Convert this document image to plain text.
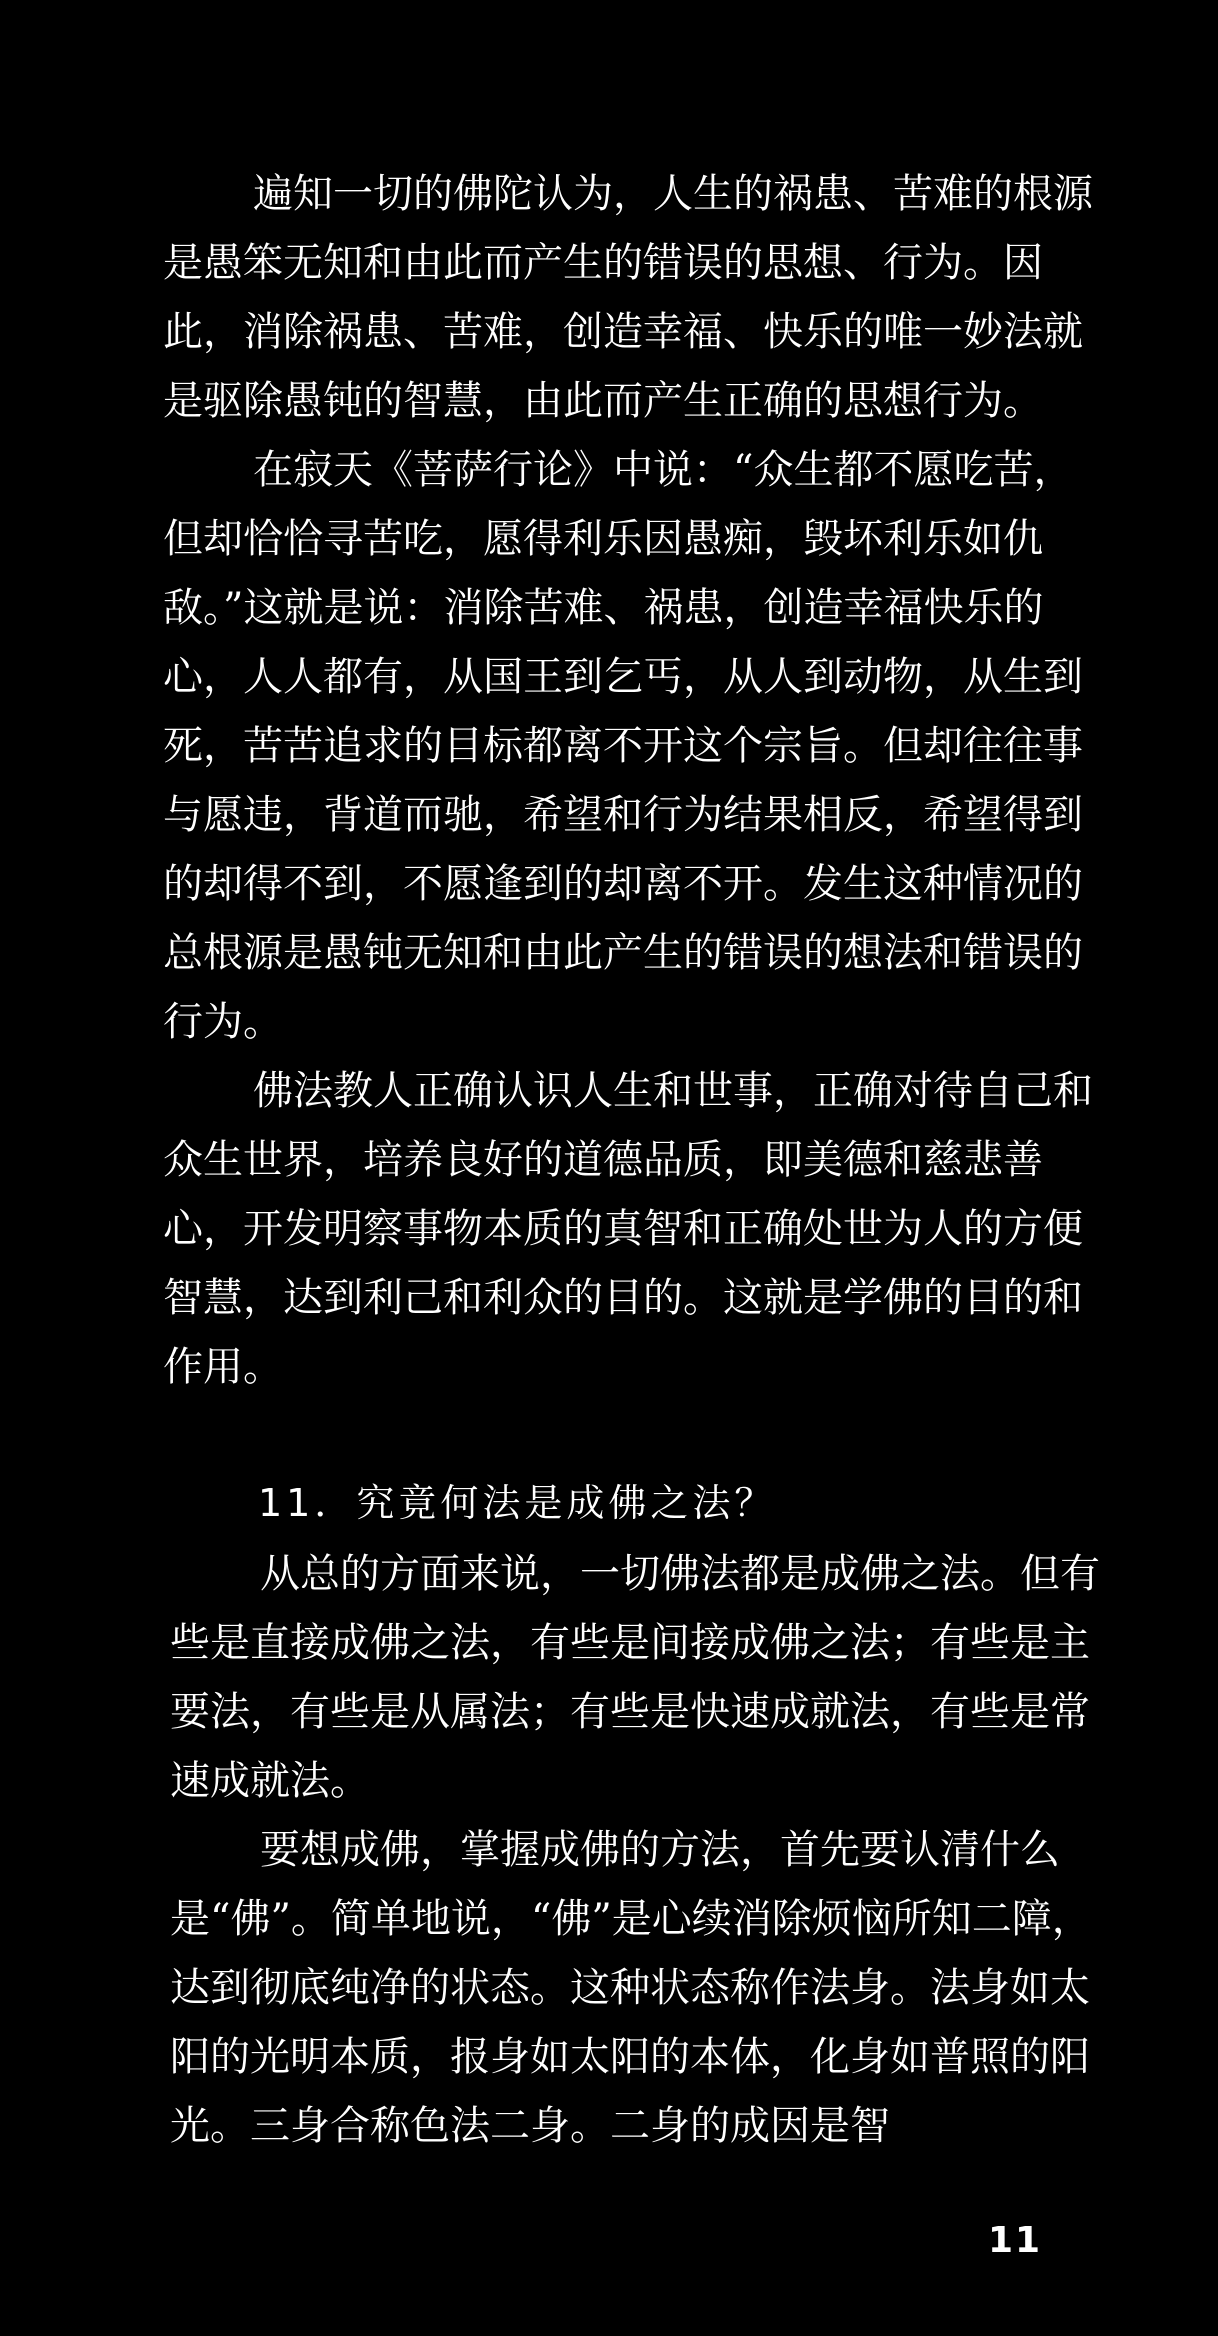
遍知一切的佛陀认为，人生的祸患、苦难的根源是愚笨无知和由此而产生的错误的思想、行为。因此，消除祸患、苦难，创造幸福、快乐的唯一妙法就是驱除愚钝的智慧，由此而产生正确的思想行为。

在寂天《菩萨行论》中说：“众生都不愿吃苦，但却恰恰寻苦吃，愿得利乐因愚痴，毁坏利乐如仇敌。”这就是说：消除苦难、祸患，创造幸福快乐的心，人人都有，从国王到乞丐，从人到动物，从生到死，苦苦追求的目标都离不开这个宗旨。但却往往事与愿违，背道而驰，希望和行为结果相反，希望得到的却得不到，不愿逢到的却离不开。发生这种情况的总根源是愚钝无知和由此产生的错误的想法和错误的行为。

佛法教人正确认识人生和世事，正确对待自己和众生世界，培养良好的道德品质，即美德和慈悲善心，开发明察事物本质的真智和正确处世为人的方便智慧，达到利己和利众的目的。这就是学佛的目的和作用。

11．究竟何法是成佛之法？

从总的方面来说，一切佛法都是成佛之法。但有些是直接成佛之法，有些是间接成佛之法；有些是主要法，有些是从属法；有些是快速成就法，有些是常速成就法。

要想成佛，掌握成佛的方法，首先要认清什么是“佛”。简单地说，“佛”是心续消除烦恼所知二障，达到彻底纯净的状态。这种状态称作法身。法身如太阳的光明本质，报身如太阳的本体，化身如普照的阳光。三身合称色法二身。二身的成因是智

11
